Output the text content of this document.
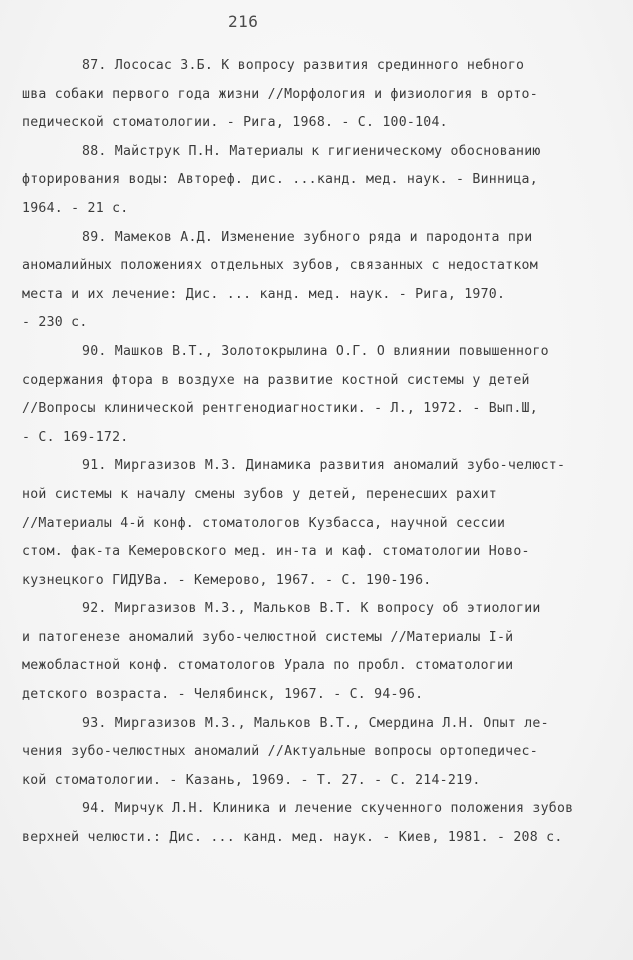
216
87. Лососас З.Б. К вопросу развития срединного небного
шва собаки первого года жизни //Морфология и физиология в орто-
педической стоматологии. - Рига, 1968. - С. 100-104.
88. Майструк П.Н. Материалы к гигиеническому обоснованию
фторирования воды: Автореф. дис. ...канд. мед. наук. - Винница,
1964. - 21 с.
89. Мамеков А.Д. Изменение зубного ряда и пародонта при
аномалийных положениях отдельных зубов, связанных с недостатком
места и их лечение: Дис. ... канд. мед. наук. - Рига, 1970.
- 230 с.
90. Машков В.Т., Золотокрылина О.Г. О влиянии повышенного
содержания фтора в воздухе на развитие костной системы у детей
//Вопросы клинической рентгенодиагностики. - Л., 1972. - Вып.Ш,
- С. 169-172.
91. Миргазизов М.З. Динамика развития аномалий зубо-челюст-
ной системы к началу смены зубов у детей, перенесших рахит
//Материалы 4-й конф. стоматологов Кузбасса, научной сессии
стом. фак-та Кемеровского мед. ин-та и каф. стоматологии Ново-
кузнецкого ГИДУВа. - Кемерово, 1967. - С. 190-196.
92. Миргазизов М.З., Мальков В.Т. К вопросу об этиологии
и патогенезе аномалий зубо-челюстной системы //Материалы I-й
межобластной конф. стоматологов Урала по пробл. стоматологии
детского возраста. - Челябинск, 1967. - С. 94-96.
93. Миргазизов М.З., Мальков В.Т., Смердина Л.Н. Опыт ле-
чения зубо-челюстных аномалий //Актуальные вопросы ортопедичес-
кой стоматологии. - Казань, 1969. - Т. 27. - С. 214-219.
94. Мирчук Л.Н. Клиника и лечение скученного положения зубов
верхней челюсти.: Дис. ... канд. мед. наук. - Киев, 1981. - 208 с.
